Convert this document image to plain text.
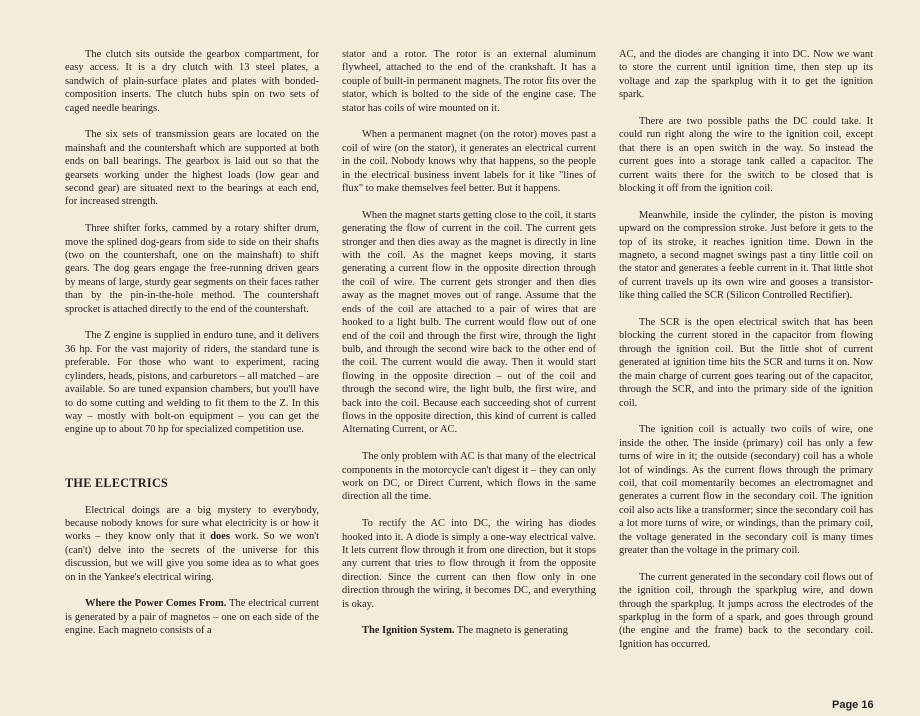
The clutch sits outside the gearbox compartment, for easy access. It is a dry clutch with 13 steel plates, a sandwich of plain-surface plates and plates with bonded-composition inserts. The clutch hubs spin on two sets of caged needle bearings.

The six sets of transmission gears are located on the mainshaft and the countershaft which are supported at both ends on ball bearings. The gearbox is laid out so that the gearsets working under the highest loads (low gear and second gear) are situated next to the bearings at each end, for increased strength.

Three shifter forks, cammed by a rotary shifter drum, move the splined dog-gears from side to side on their shafts (two on the countershaft, one on the mainshaft) to shift gears. The dog gears engage the free-running driven gears by means of large, sturdy gear segments on their faces rather than by the pin-in-the-hole method. The countershaft sprocket is attached directly to the end of the countershaft.

The Z engine is supplied in enduro tune, and it delivers 36 hp. For the vast majority of riders, the standard tune is preferable. For those who want to experiment, racing cylinders, heads, pistons, and carburetors – all matched – are available. So are tuned expansion chambers, but you'll have to do some cutting and welding to fit them to the Z. In this way – mostly with bolt-on equipment – you can get the engine up to about 70 hp for specialized competition use.

THE ELECTRICS

Electrical doings are a big mystery to everybody, because nobody knows for sure what electricity is or how it works – they know only that it does work. So we won't (can't) delve into the secrets of the universe for this discussion, but we will give you some idea as to what goes on in the Yankee's electrical wiring.

Where the Power Comes From. The electrical current is generated by a pair of magnetos – one on each side of the engine. Each magneto consists of a

stator and a rotor. The rotor is an external aluminum flywheel, attached to the end of the crankshaft. It has a couple of built-in permanent magnets. The rotor fits over the stator, which is bolted to the side of the engine case. The stator has coils of wire mounted on it.

When a permanent magnet (on the rotor) moves past a coil of wire (on the stator), it generates an electrical current in the coil. Nobody knows why that happens, so the people in the electrical business invent labels for it like "lines of flux" to make themselves feel better. But it happens.

When the magnet starts getting close to the coil, it starts generating the flow of current in the coil. The current gets stronger and then dies away as the magnet is directly in line with the coil. As the magnet keeps moving, it starts generating a current flow in the opposite direction through the coil of wire. The current gets stronger and then dies away as the magnet moves out of range. Assume that the ends of the coil are attached to a pair of wires that are hooked to a light bulb. The current would flow out of one end of the coil and through the first wire, through the light bulb, and through the second wire back to the other end of the coil. The current would die away. Then it would start flowing in the opposite direction – out of the coil and through the second wire, the light bulb, the first wire, and back into the coil. Because each succeeding shot of current flows in the opposite direction, this kind of current is called Alternating Current, or AC.

The only problem with AC is that many of the electrical components in the motorcycle can't digest it – they can only work on DC, or Direct Current, which flows in the same direction all the time.

To rectify the AC into DC, the wiring has diodes hooked into it. A diode is simply a one-way electrical valve. It lets current flow through it from one direction, but it stops any current that tries to flow through it from the opposite direction. Since the current can then flow only in one direction through the wiring, it becomes DC, and everything is okay.

The Ignition System. The magneto is generating

AC, and the diodes are changing it into DC. Now we want to store the current until ignition time, then step up its voltage and zap the sparkplug with it to get the ignition spark.

There are two possible paths the DC could take. It could run right along the wire to the ignition coil, except that there is an open switch in the way. So instead the current goes into a storage tank called a capacitor. The current waits there for the switch to be closed that is blocking it off from the ignition coil.

Meanwhile, inside the cylinder, the piston is moving upward on the compression stroke. Just before it gets to the top of its stroke, it reaches ignition time. Down in the magneto, a second magnet swings past a tiny little coil on the stator and generates a feeble current in it. That little shot of current travels up its own wire and gooses a transistor-like thing called the SCR (Silicon Controlled Rectifier).

The SCR is the open electrical switch that has been blocking the current stored in the capacitor from flowing through the ignition coil. But the little shot of current generated at ignition time hits the SCR and turns it on. Now the main charge of current goes tearing out of the capacitor, through the SCR, and into the primary side of the ignition coil.

The ignition coil is actually two coils of wire, one inside the other. The inside (primary) coil has only a few turns of wire in it; the outside (secondary) coil has a whole lot of windings. As the current flows through the primary coil, that coil momentarily becomes an electromagnet and generates a current flow in the secondary coil. The ignition coil also acts like a transformer; since the secondary coil has a lot more turns of wire, or windings, than the primary coil, the voltage generated in the secondary coil is many times greater than the voltage in the primary coil.

The current generated in the secondary coil flows out of the ignition coil, through the sparkplug wire, and down through the sparkplug. It jumps across the electrodes of the sparkplug in the form of a spark, and goes through ground (the engine and the frame) back to the secondary coil. Ignition has occurred.

Page 16
